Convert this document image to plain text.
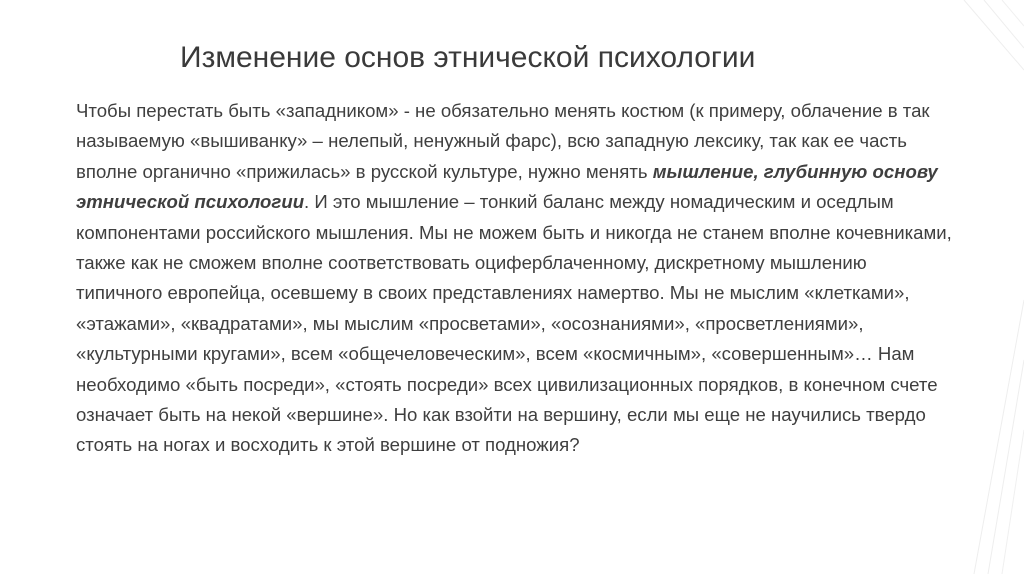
Изменение основ этнической психологии

Чтобы перестать быть «западником» - не обязательно менять костюм (к примеру, облачение в так называемую «вышиванку» – нелепый, ненужный фарс), всю западную лексику, так как ее часть вполне органично «прижилась» в русской культуре, нужно менять мышление, глубинную основу этнической психологии. И это мышление – тонкий баланс между номадическим и оседлым компонентами российского мышления. Мы не можем быть и никогда не станем вполне кочевниками, также как не сможем вполне соответствовать оциферблаченному, дискретному мышлению типичного европейца, осевшему в своих представлениях намертво. Мы не мыслим «клетками», «этажами», «квадратами», мы мыслим «просветами», «осознаниями», «просветлениями», «культурными кругами», всем «общечеловеческим», всем «космичным», «совершенным»… Нам необходимо «быть посреди», «стоять посреди» всех цивилизационных порядков, в конечном счете означает быть на некой «вершине». Но как взойти на вершину, если мы еще не научились твердо стоять на ногах и восходить к этой вершине от подножия?
